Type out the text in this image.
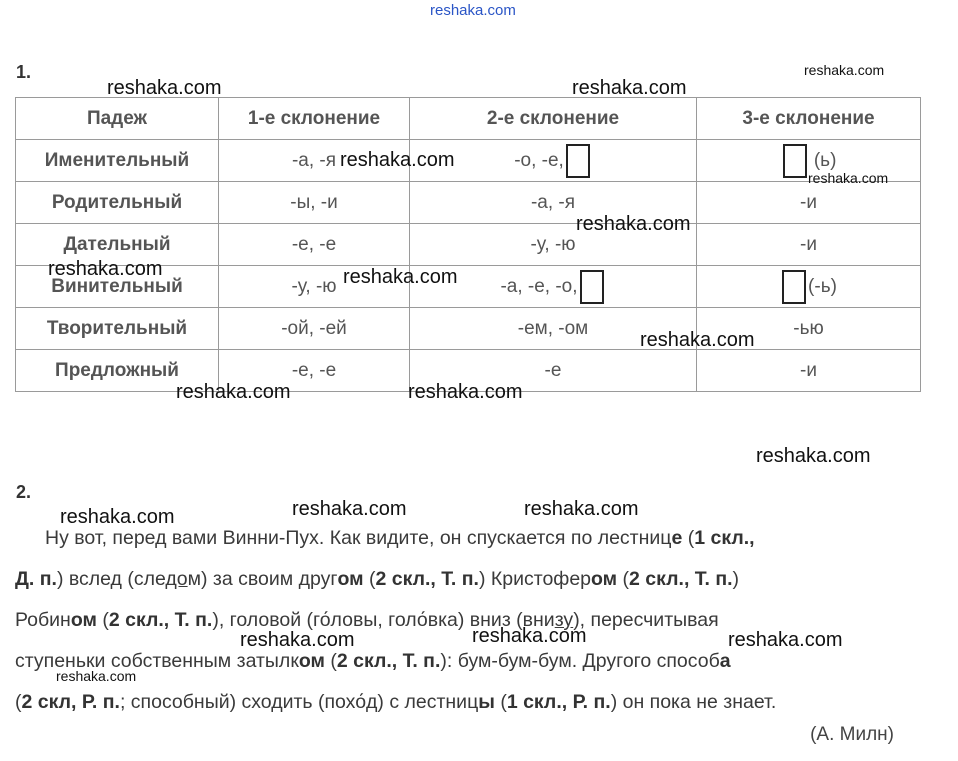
reshaka.com
1.
Падеж	1-е склонение	2-е склонение	3-е склонение
Именительный	-а, -я	-о, -е,	(ь)
Родительный	-ы, -и	-а, -я	-и
Дательный	-е, -е	-у, -ю	-и
Винительный	-у, -ю	-а, -е, -о,	(-ь)
Творительный	-ой, -ей	-ем, -ом	-ью
Предложный	-е, -е	-е	-и
2.
Ну вот, перед вами Винни-Пух. Как видите, он спускается по лестнице (1 скл.,
Д. п.) вслед (следом) за своим другом (2 скл., Т. п.) Кристофером (2 скл., Т. п.)
Робином (2 скл., Т. п.), головой (го́ловы, голо́вка) вниз (внизу), пересчитывая
ступеньки собственным затылком (2 скл., Т. п.): бум-бум-бум. Другого способа
(2 скл, Р. п.; способный) сходить (похо́д) с лестницы (1 скл., Р. п.) он пока не знает.
(А. Милн)
reshaka.com	reshaka.com
reshaka.com
reshaka.com
reshaka.com
reshaka.com
reshaka.com	reshaka.com
reshaka.com
reshaka.com	reshaka.com
reshaka.com
reshaka.com	reshaka.com
reshaka.com
reshaka.com	reshaka.com	reshaka.com
reshaka.com
